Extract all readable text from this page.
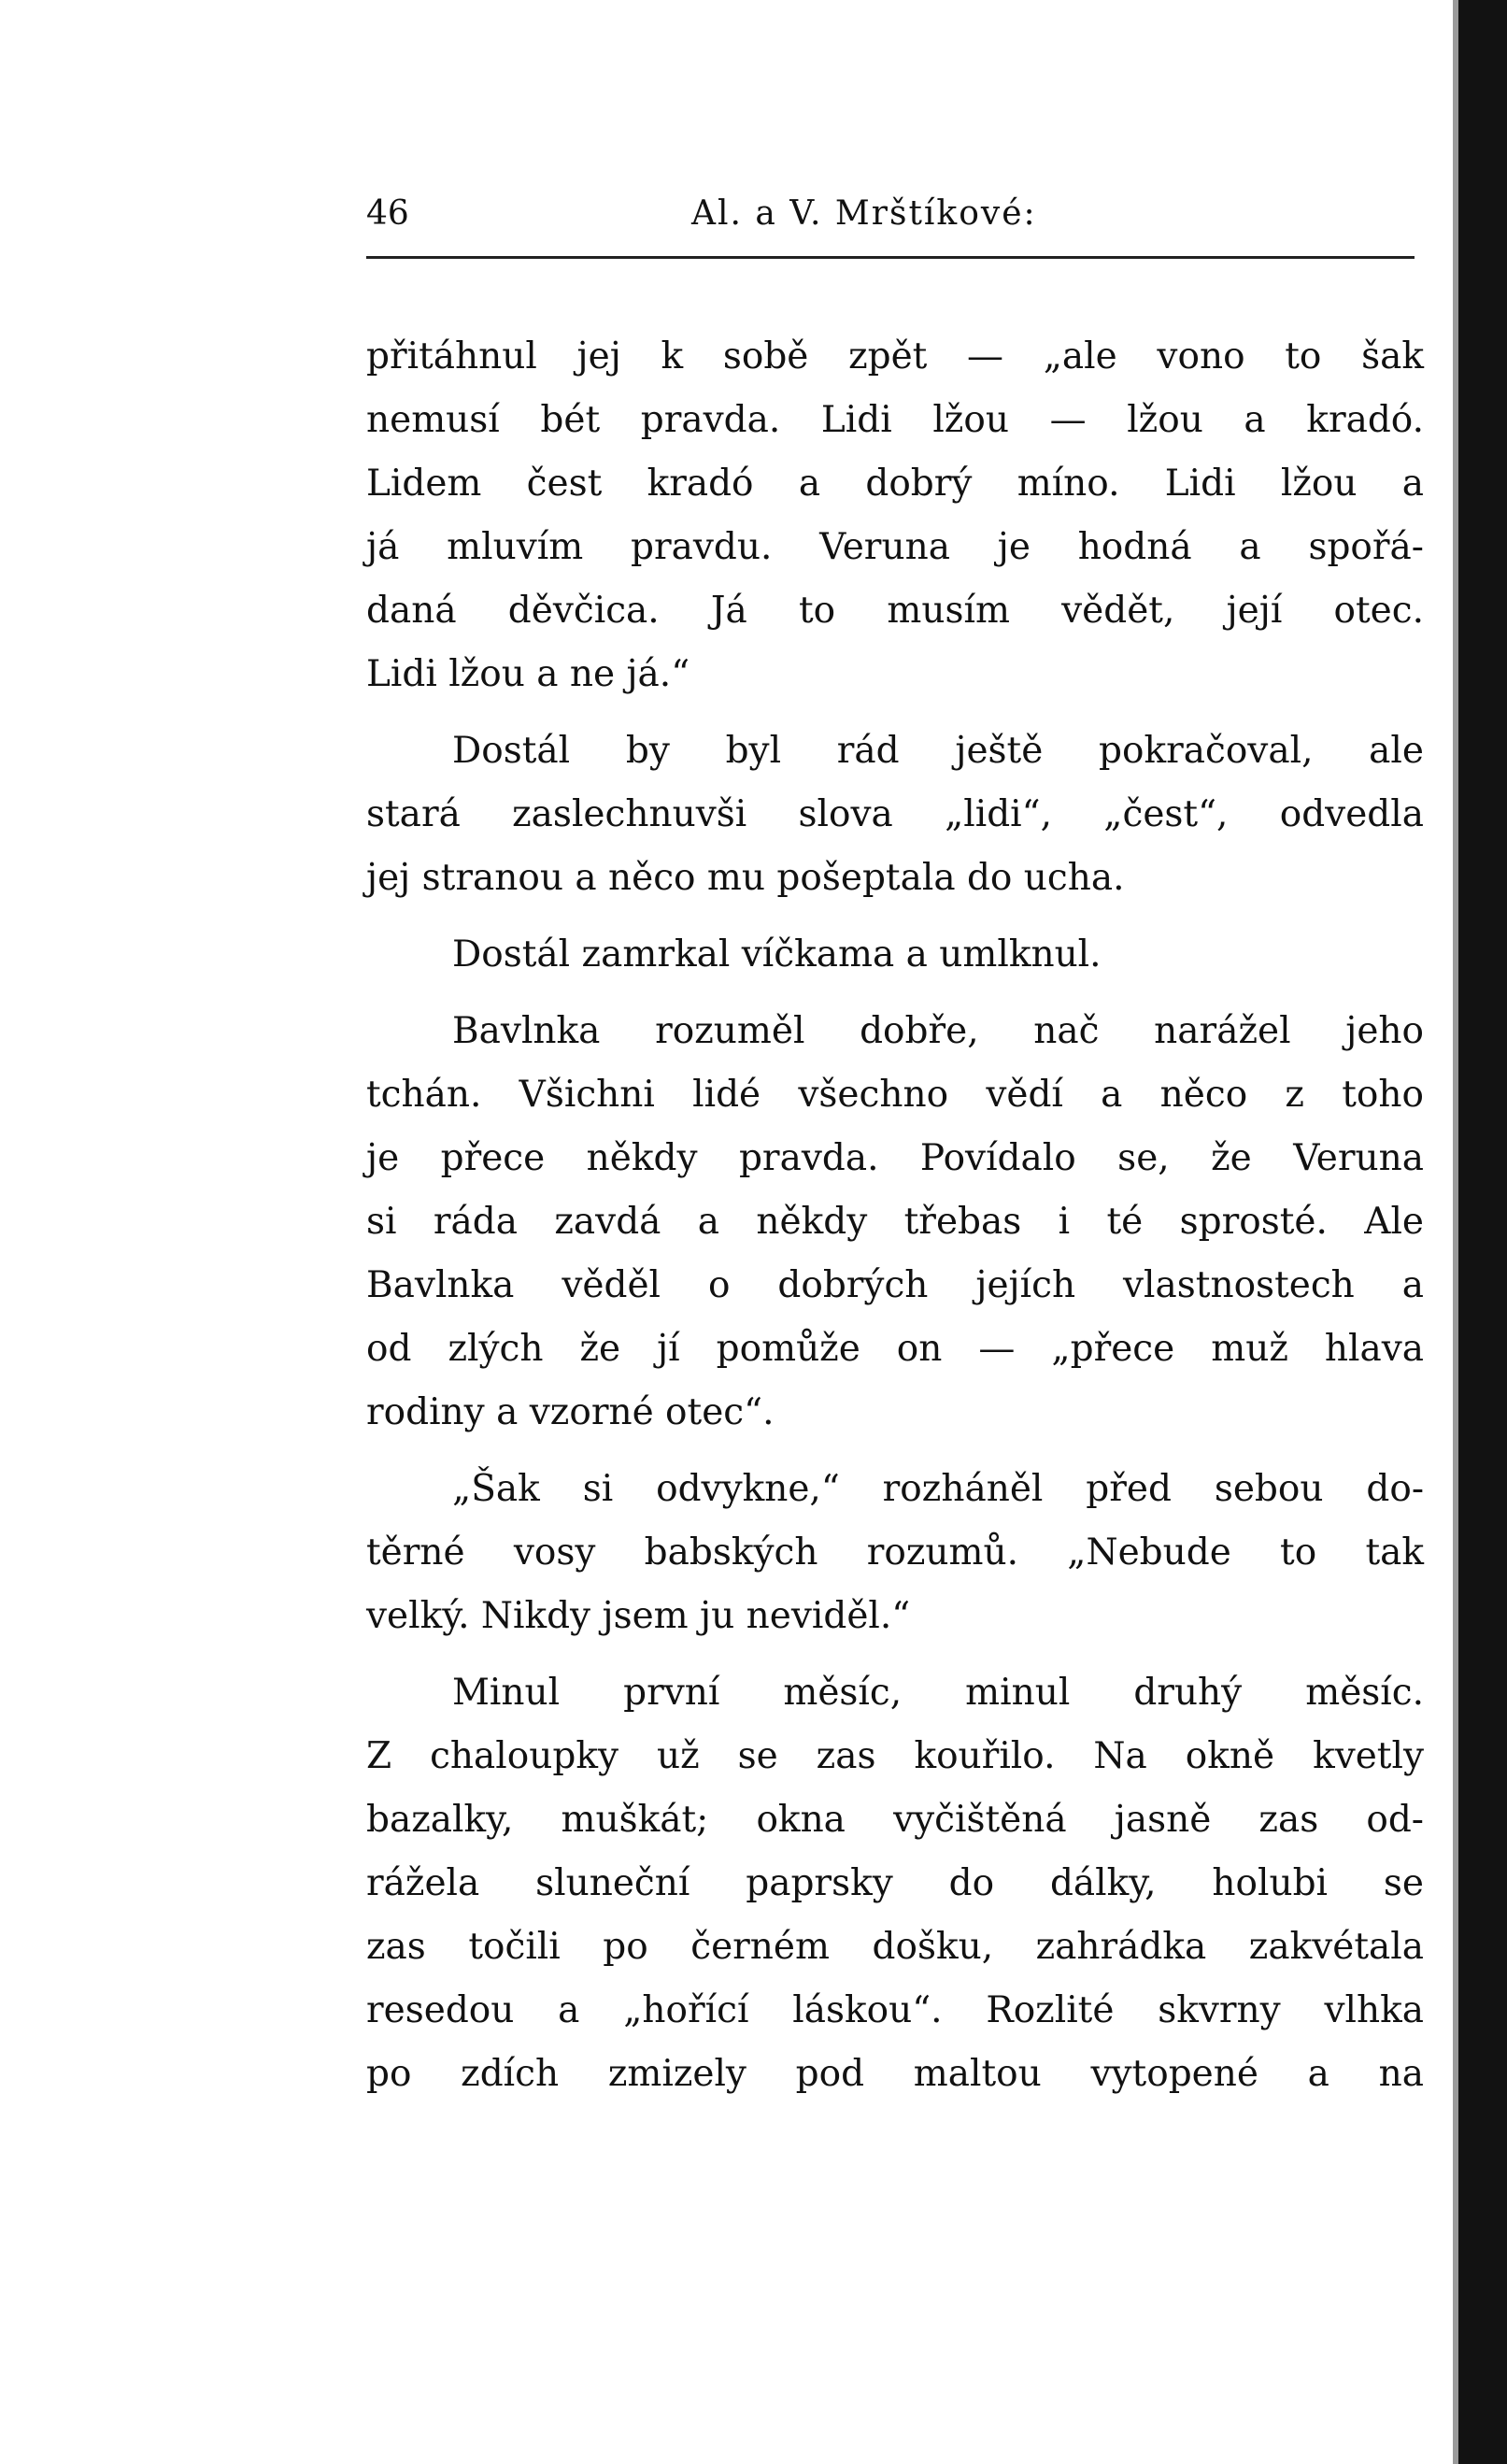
46	Al. a V. Mrštíkové:
přitáhnul jej k sobě zpět — „ale vono to šak
nemusí bét pravda. Lidi lžou — lžou a kradó.
Lidem čest kradó a dobrý míno. Lidi lžou a
já mluvím pravdu. Veruna je hodná a spořá-
daná děvčica. Já to musím vědět, její otec.
Lidi lžou a ne já.“
Dostál by byl rád ještě pokračoval, ale
stará zaslechnuvši slova „lidi“, „čest“, odvedla
jej stranou a něco mu pošeptala do ucha.
Dostál zamrkal víčkama a umlknul.
Bavlnka rozuměl dobře, nač narážel jeho
tchán. Všichni lidé všechno vědí a něco z toho
je přece někdy pravda. Povídalo se, že Veruna
si ráda zavdá a někdy třebas i té sprosté. Ale
Bavlnka věděl o dobrých jejích vlastnostech a
od zlých že jí pomůže on — „přece muž hlava
rodiny a vzorné otec“.
„Šak si odvykne,“ rozháněl před sebou do-
těrné vosy babských rozumů. „Nebude to tak
velký. Nikdy jsem ju neviděl.“
Minul první měsíc, minul druhý měsíc.
Z chaloupky už se zas kouřilo. Na okně kvetly
bazalky, muškát; okna vyčištěná jasně zas od-
rážela sluneční paprsky do dálky, holubi se
zas točili po černém došku, zahrádka zakvétala
resedou a „hořící láskou“. Rozlité skvrny vlhka
po zdích zmizely pod maltou vytopené a na
